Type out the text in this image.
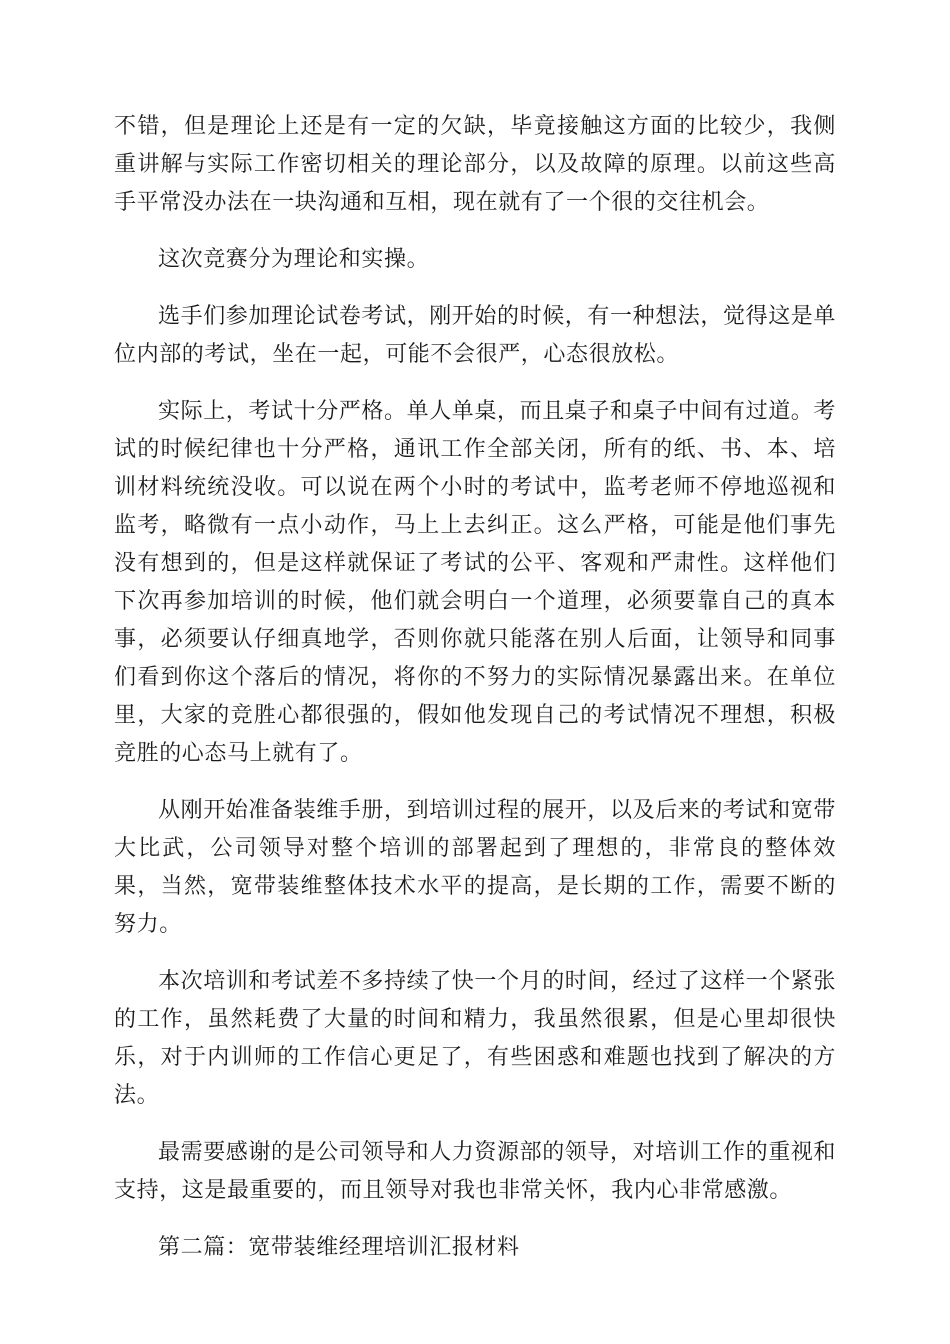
不错，但是理论上还是有一定的欠缺，毕竟接触这方面的比较少，我侧重讲解与实际工作密切相关的理论部分，以及故障的原理。以前这些高手平常没办法在一块沟通和互相，现在就有了一个很的交往机会。

这次竞赛分为理论和实操。

选手们参加理论试卷考试，刚开始的时候，有一种想法，觉得这是单位内部的考试，坐在一起，可能不会很严，心态很放松。

实际上，考试十分严格。单人单桌，而且桌子和桌子中间有过道。考试的时候纪律也十分严格，通讯工作全部关闭，所有的纸、书、本、培训材料统统没收。可以说在两个小时的考试中，监考老师不停地巡视和监考，略微有一点小动作，马上上去纠正。这么严格，可能是他们事先没有想到的，但是这样就保证了考试的公平、客观和严肃性。这样他们下次再参加培训的时候，他们就会明白一个道理，必须要靠自己的真本事，必须要认仔细真地学，否则你就只能落在别人后面，让领导和同事们看到你这个落后的情况，将你的不努力的实际情况暴露出来。在单位里，大家的竞胜心都很强的，假如他发现自己的考试情况不理想，积极竞胜的心态马上就有了。

从刚开始准备装维手册，到培训过程的展开，以及后来的考试和宽带大比武，公司领导对整个培训的部署起到了理想的，非常良的整体效果，当然，宽带装维整体技术水平的提高，是长期的工作，需要不断的努力。

本次培训和考试差不多持续了快一个月的时间，经过了这样一个紧张的工作，虽然耗费了大量的时间和精力，我虽然很累，但是心里却很快乐，对于内训师的工作信心更足了，有些困惑和难题也找到了解决的方法。

最需要感谢的是公司领导和人力资源部的领导，对培训工作的重视和支持，这是最重要的，而且领导对我也非常关怀，我内心非常感激。

第二篇：宽带装维经理培训汇报材料
